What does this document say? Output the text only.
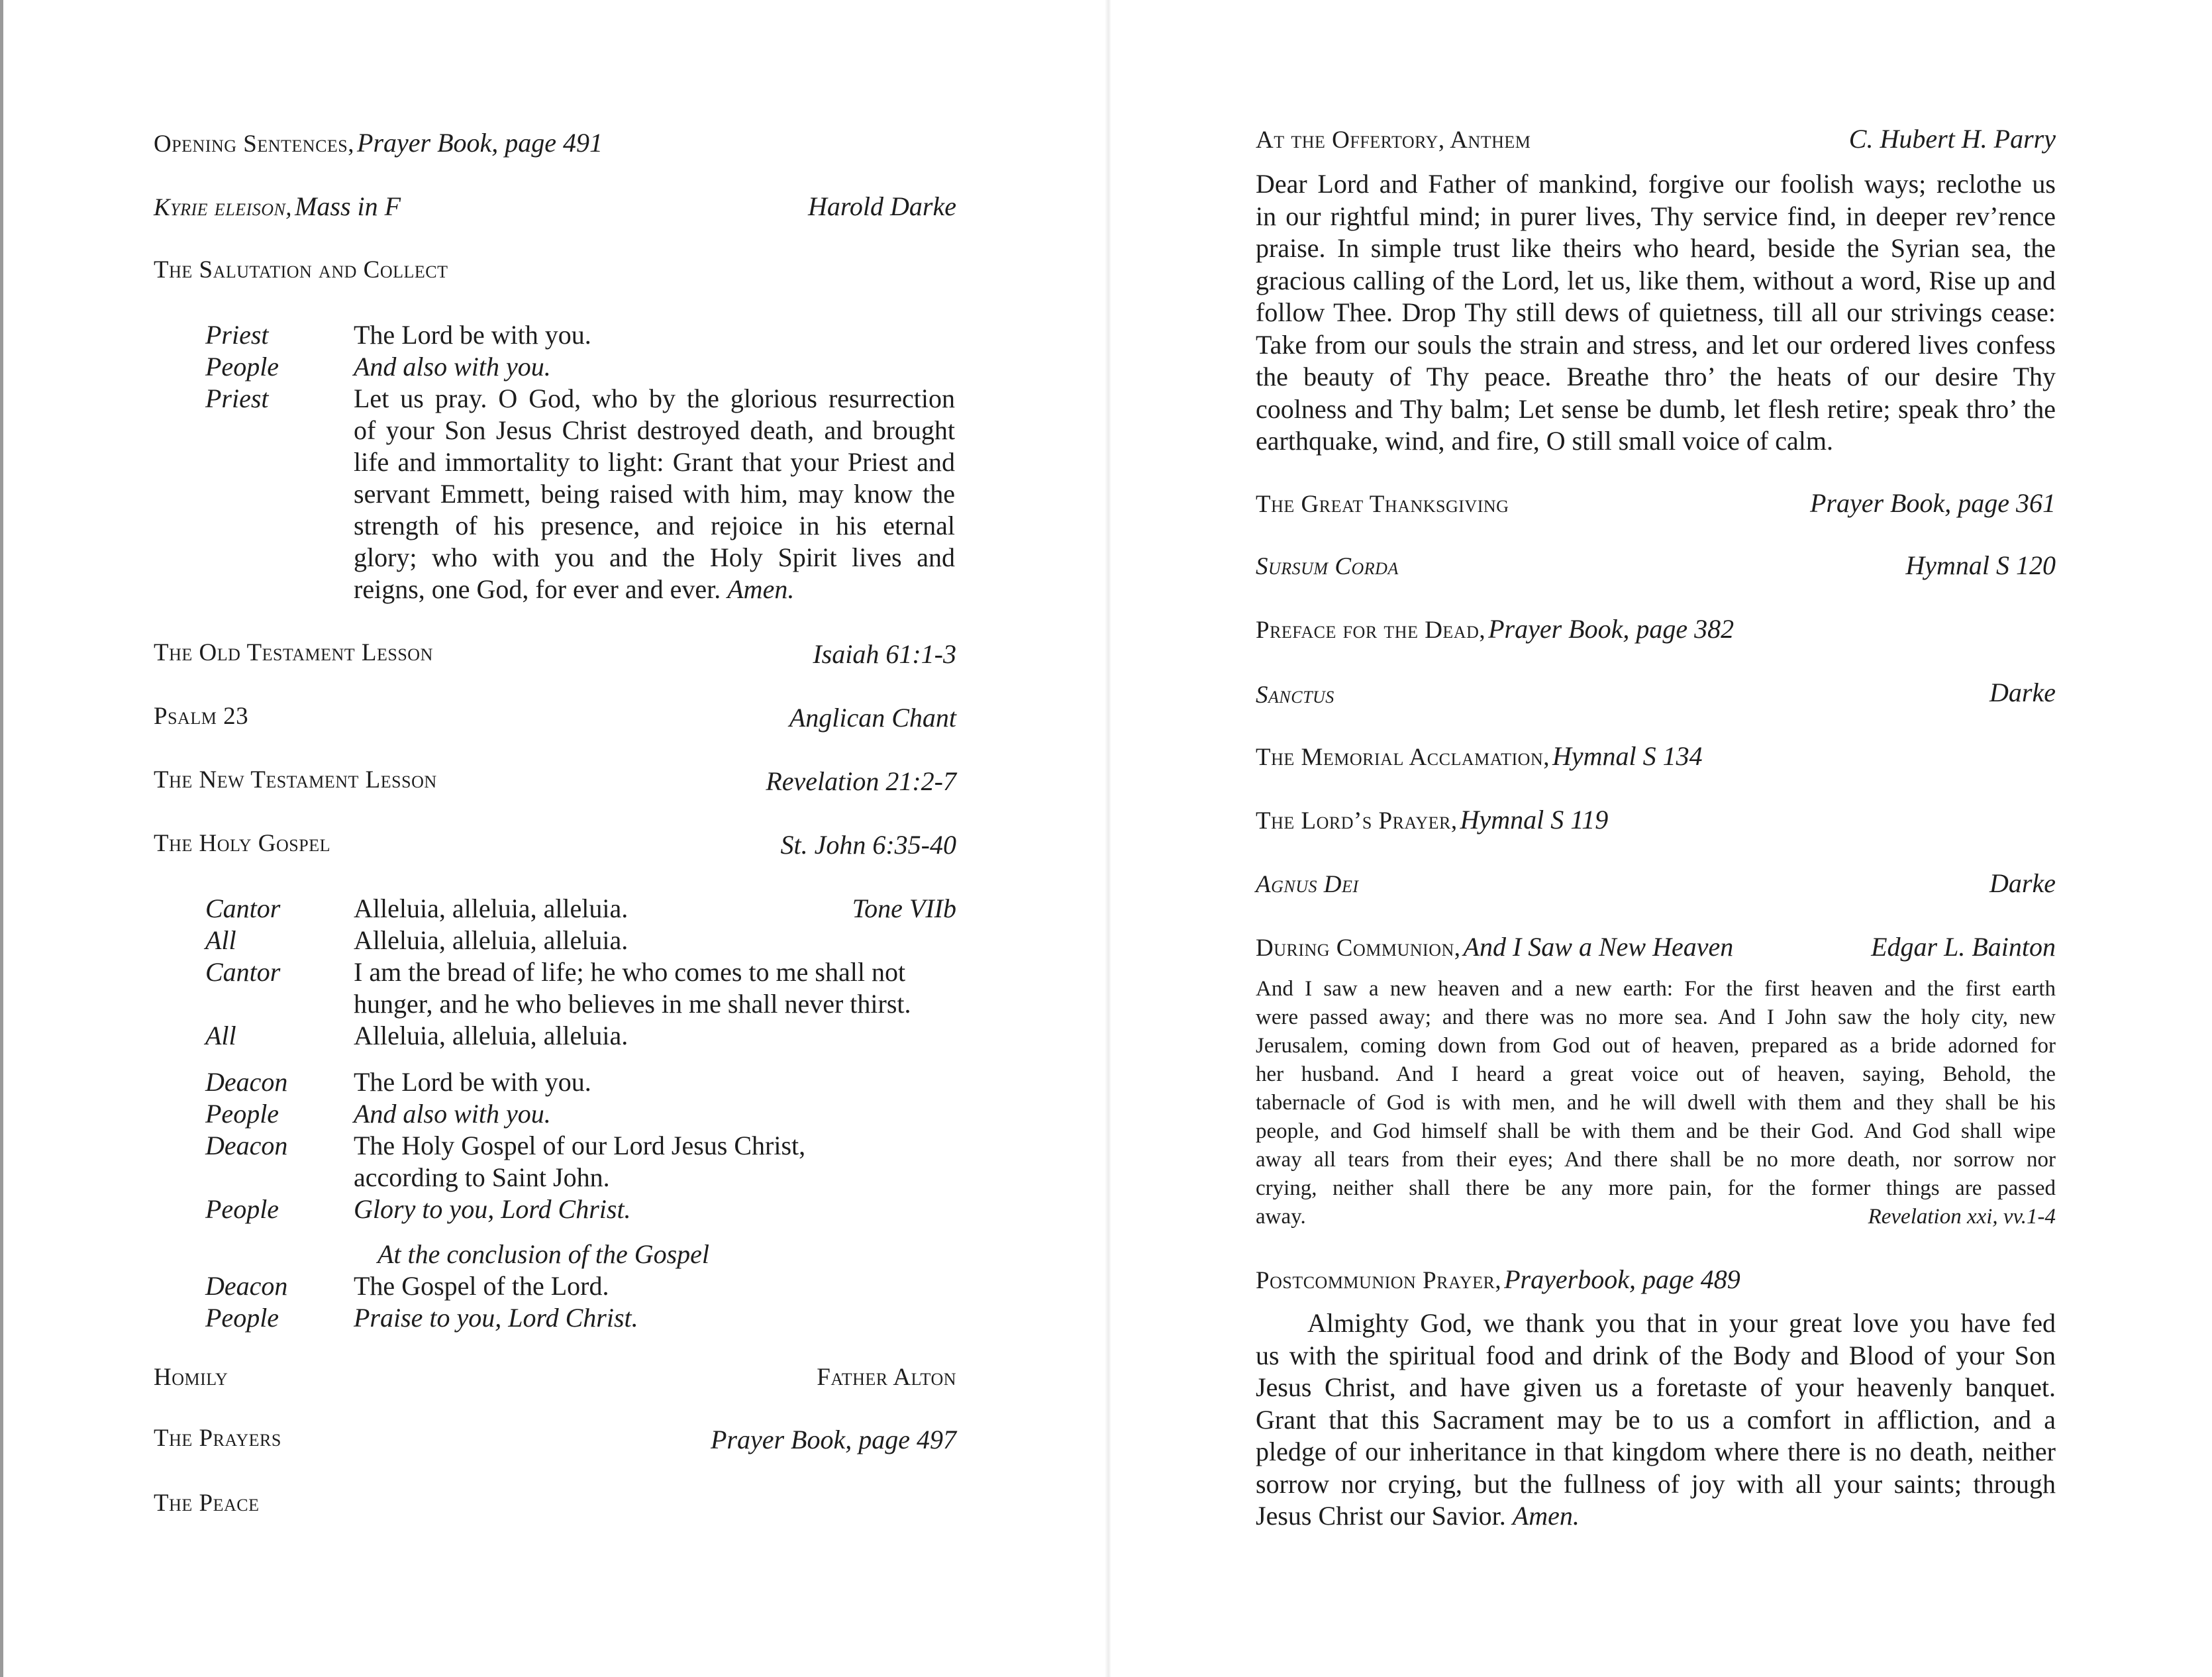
Opening Sentences, Prayer Book, page 491
Kyrie eleison, Mass in F	Harold Darke
The Salutation and Collect
Priest	The Lord be with you.
People	And also with you.
Priest	Let us pray. O God, who by the glorious resurrection
of your Son Jesus Christ destroyed death, and brought
life and immortality to light: Grant that your Priest and
servant Emmett, being raised with him, may know the
strength of his presence, and rejoice in his eternal
glory; who with you and the Holy Spirit lives and
reigns, one God, for ever and ever. Amen.
The Old Testament Lesson	Isaiah 61:1-3
Psalm 23	Anglican Chant
The New Testament Lesson	Revelation 21:2-7
The Holy Gospel	St. John 6:35-40
Cantor	Alleluia, alleluia, alleluia.	Tone VIIb
All	Alleluia, alleluia, alleluia.
Cantor	I am the bread of life; he who comes to me shall not
hunger, and he who believes in me shall never thirst.
All	Alleluia, alleluia, alleluia.
Deacon The Lord be with you.
People	And also with you.
Deacon The Holy Gospel of our Lord Jesus Christ,
according to Saint John.
People	Glory to you, Lord Christ.
At the conclusion of the Gospel
Deacon The Gospel of the Lord.
People	Praise to you, Lord Christ.
Homily	Father Alton
The Prayers	Prayer Book, page 497
The Peace
At the Offertory, Anthem	C. Hubert H. Parry
Dear Lord and Father of mankind, forgive our foolish ways; reclothe us
in our rightful mind; in purer lives, Thy service find, in deeper rev’rence
praise. In simple trust like theirs who heard, beside the Syrian sea, the
gracious calling of the Lord, let us, like them, without a word, Rise up and
follow Thee. Drop Thy still dews of quietness, till all our strivings cease:
Take from our souls the strain and stress, and let our ordered lives confess
the beauty of Thy peace. Breathe thro’ the heats of our desire Thy
coolness and Thy balm; Let sense be dumb, let flesh retire; speak thro’ the
earthquake, wind, and fire, O still small voice of calm.
The Great Thanksgiving	Prayer Book, page 361
Sursum Corda	Hymnal S 120
Preface for the Dead, Prayer Book, page 382
Sanctus	Darke
The Memorial Acclamation, Hymnal S 134
The Lord’s Prayer, Hymnal S 119
Agnus Dei	Darke
During Communion, And I Saw a New Heaven	Edgar L. Bainton
And I saw a new heaven and a new earth: For the first heaven and the first earth
were passed away; and there was no more sea. And I John saw the holy city, new
Jerusalem, coming down from God out of heaven, prepared as a bride adorned for
her husband. And I heard a great voice out of heaven, saying, Behold, the
tabernacle of God is with men, and he will dwell with them and they shall be his
people, and God himself shall be with them and be their God. And God shall wipe
away all tears from their eyes; And there shall be no more death, nor sorrow nor
crying, neither shall there be any more pain, for the former things are passed
away.	Revelation xxi, vv.1-4
Postcommunion Prayer, Prayerbook, page 489
Almighty God, we thank you that in your great love you have fed
us with the spiritual food and drink of the Body and Blood of your Son
Jesus Christ, and have given us a foretaste of your heavenly banquet.
Grant that this Sacrament may be to us a comfort in affliction, and a
pledge of our inheritance in that kingdom where there is no death, neither
sorrow nor crying, but the fullness of joy with all your saints; through
Jesus Christ our Savior. Amen.
